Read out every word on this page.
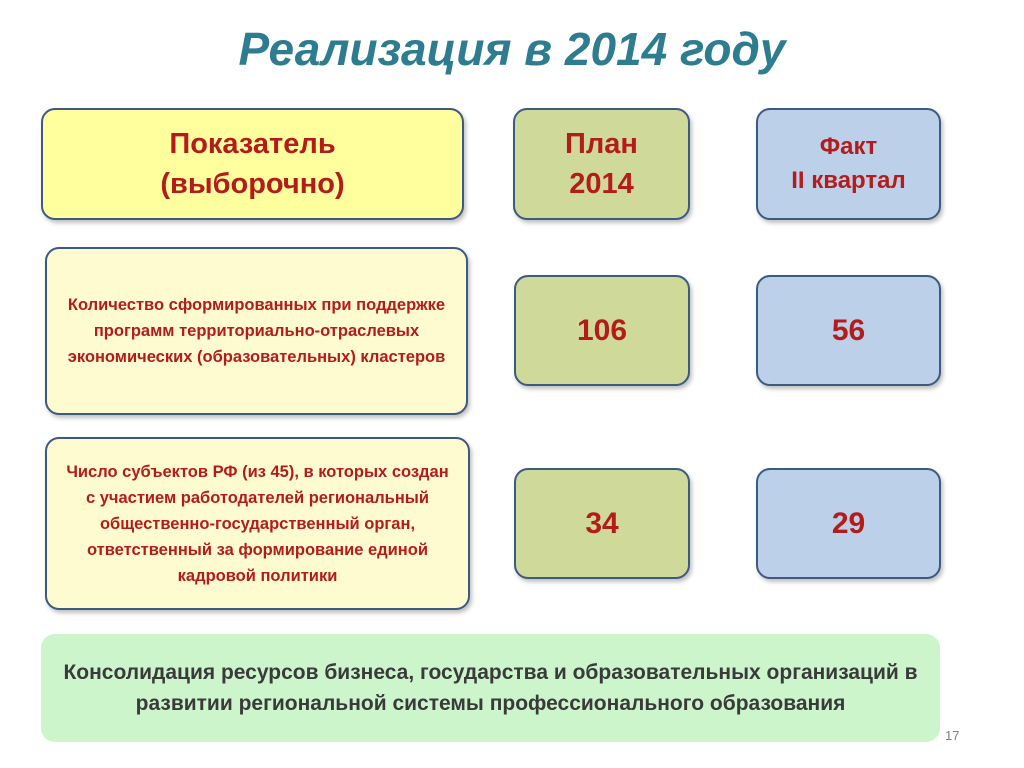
Реализация в 2014 году
Показатель
(выборочно)
План
2014
Факт
II квартал
Количество сформированных при поддержке программ территориально-отраслевых экономических (образовательных) кластеров
106	56
Число субъектов РФ (из 45), в которых создан с участием работодателей региональный общественно-государственный орган, ответственный за формирование единой кадровой политики
34	29
Консолидация ресурсов бизнеса, государства и образовательных организаций в развитии региональной системы профессионального образования
17
